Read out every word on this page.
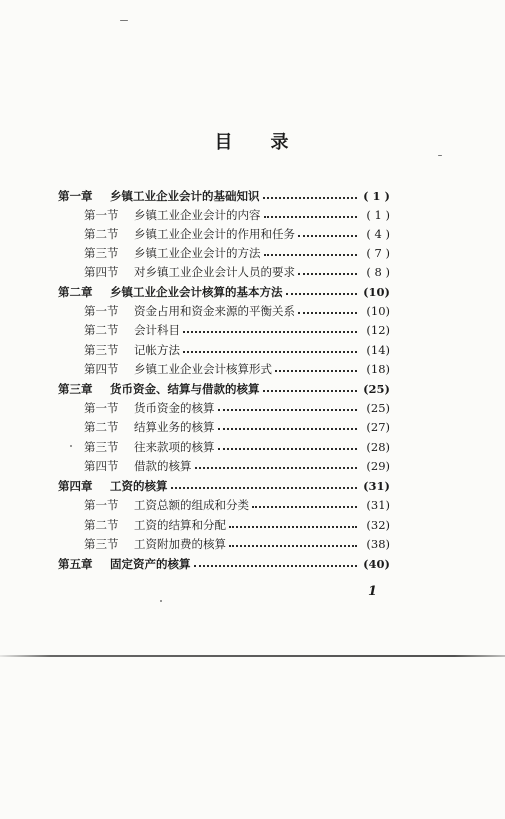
目 录
第一章	乡镇工业企业会计的基础知识	( 1 )
第一节	乡镇工业企业会计的内容	( 1 )
第二节	乡镇工业企业会计的作用和任务	( 4 )
第三节	乡镇工业企业会计的方法	( 7 )
第四节	对乡镇工业企业会计人员的要求	( 8 )
第二章	乡镇工业企业会计核算的基本方法	(10)
第一节	资金占用和资金来源的平衡关系	(10)
第二节	会计科目	(12)
第三节	记帐方法	(14)
第四节	乡镇工业企业会计核算形式	(18)
第三章	货币资金、结算与借款的核算	(25)
第一节	货币资金的核算	(25)
第二节	结算业务的核算	(27)
第三节	往来款项的核算	(28)
第四节	借款的核算	(29)
第四章	工资的核算	(31)
第一节	工资总额的组成和分类	(31)
第二节	工资的结算和分配	(32)
第三节	工资附加费的核算	(38)
第五章	固定资产的核算	(40)
1
